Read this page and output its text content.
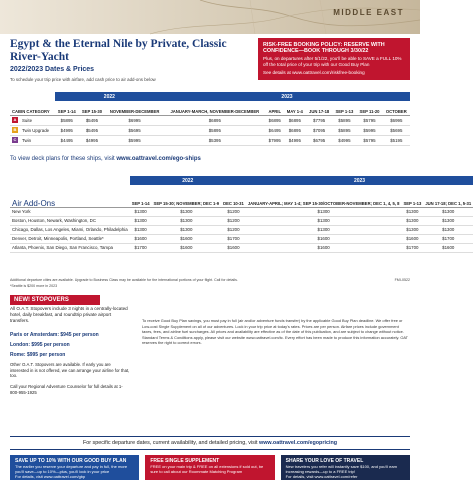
MIDDLE EAST
Egypt & the Eternal Nile by Private, Classic River-Yacht
RISK-FREE BOOKING POLICY: RESERVE WITH CONFIDENCE—BOOK THROUGH 3/30/22
Plus, on departures after 5/1/22, you'll be able to SAVE a FULL 10% off the total price of your trip with our Good Buy Plan
See details at www.oattravel.com/riskfree-booking
2022/2023 Dates & Prices
To schedule your trip price with airfare, add cash price to air add-ons below
		2022			2023						
CABIN CATEGORY		SEP 1-14	SEP 15-30	NOVEMBER-DECEMBER	JANUARY-MARCH, NOVEMBER-DECEMBER	APRIL	MAY 1-4	JUN 17-18	SEP 1-13	SEP 11-20	OCTOBER
A	Suite	$5895	$5495	$6995	$6895	$6895	$6895	$7795	$5895	$5795	$6995
B	Twin Upgrade	$4995	$5495	$5695	$5895	$6495	$6895	$7095	$5895	$5995	$5695
C	Twin	$4495	$4995	$5995	$5395	$7995	$4995	$6795	$4995	$5795	$5195
To view deck plans for these ships, visit www.oattravel.com/ego-ships
	2022			2023		
Air Add-Ons	SEP 1-14	SEP 15-30; NOVEMBER; DEC 1-9	DEC 10-31	JANUARY-APRIL; MAY 1-4; SEP 15-30/OCTOBER-NOVEMBER; DEC 1, 4, 5, 8	SEP 1-13	JUN 17-18; DEC 1, 5-31
New York	$1300	$1300	$1200	$1300	$1300	$1300
Boston, Houston, Newark, Washington, DC	$1300	$1300	$1200	$1300	$1300	$1300
Chicago, Dallas, Los Angeles, Miami, Orlando, Philadelphia	$1300	$1300	$1200	$1300	$1300	$1300
Denver, Detroit, Minneapolis, Portland, Seattle*	$1600	$1600	$1700	$1600	$1600	$1700
Atlanta, Phoenix, San Diego, San Francisco, Tampa	$1700	$1600	$1600	$1600	$1700	$1600
Additional departure cities are available. Upgrade to Business Class may be available for the international portions of your flight. Call for details.	FMI-0522
*Seattle is $200 more in 2023
NEW! STOPOVERS
All O.A.T. Stopovers include 3 nights in a centrally-located hotel, daily breakfast, and roundtrip private airport transfers.
Paris or Amsterdam: $945 per person
London: $995 per person
Rome: $995 per person
Other O.A.T. Stopovers are available. If early you are interested in is not offered, we can arrange your airline for that, too.
Call your Regional Adventure Counselor for full details at 1-800-955-1925
To receive Good Buy Plan savings, you must pay in full (air and/or adventure funds transfer) by the applicable Good Buy Plan deadline. We offer free or Low-cost Single Supplement on all of our adventures. Lock in your trip price at today's rates. Prices are per person. Airfare prices include government taxes, fees, and airline fuel surcharges. All prices and availability are effective as of the date of this publication, and are subject to change without notice. Standard Terms & Conditions apply, please visit our website www.oattravel.com/tc. Every effort has been made to produce this information accurately. OAT reserves the right to correct errors.
For specific departure dates, current availability, and detailed pricing, visit www.oattravel.com/egopricing
SAVE UP TO 10% WITH OUR GOOD BUY PLAN
The earlier you reserve your departure and pay in full, the more you'll save—up to 10%—plus, you'll lock in your price
For details, visit www.oattravel.com/gbp
FREE SINGLE SUPPLEMENT
FREE on your main trip & FREE on all extensions if sold out, be sure to call about our Roommate Matching Program
SHARE YOUR LOVE OF TRAVEL
New travelers you refer will instantly save $100, and you'll earn increasing rewards—up to a FREE trip!
For details, visit www.oattravel.com/refer
